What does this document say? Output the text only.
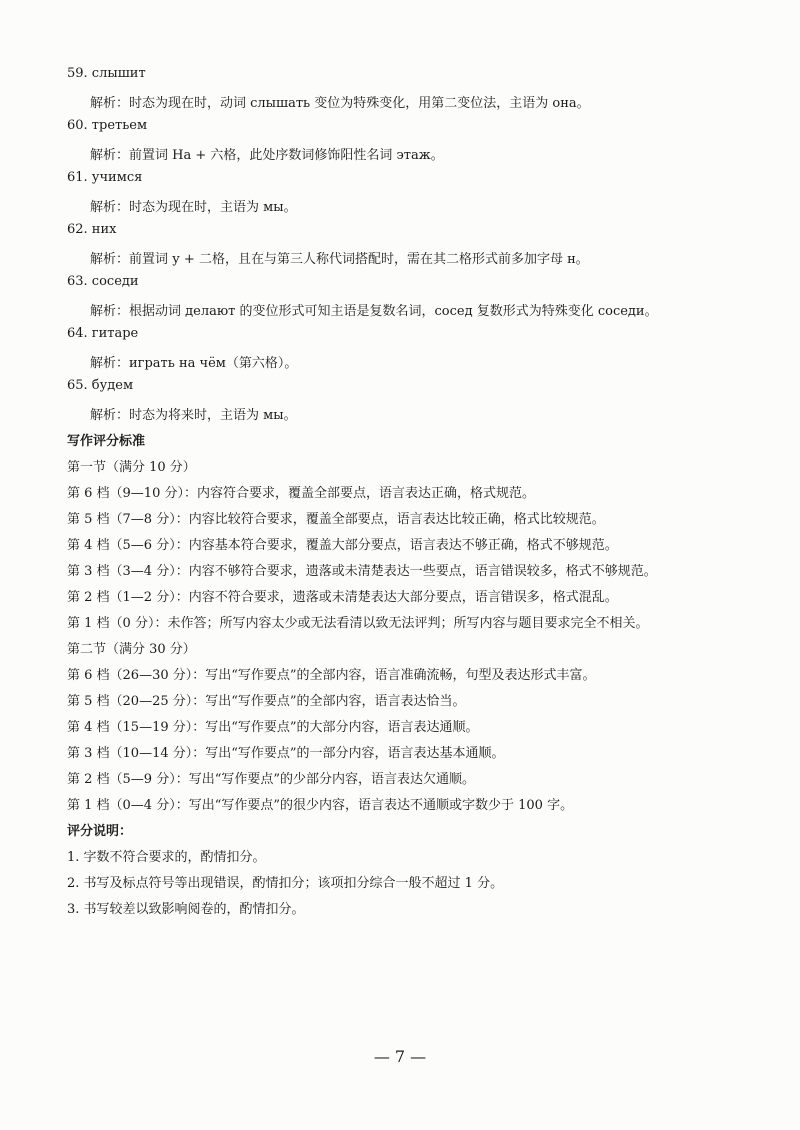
59. слышит
解析：时态为现在时，动词 слышать 变位为特殊变化，用第二变位法，主语为 она。
60. третьем
解析：前置词 На + 六格，此处序数词修饰阳性名词 этаж。
61. учимся
解析：时态为现在时，主语为 мы。
62. них
解析：前置词 у + 二格，且在与第三人称代词搭配时，需在其二格形式前多加字母 н。
63. соседи
解析：根据动词 делают 的变位形式可知主语是复数名词，сосед 复数形式为特殊变化 соседи。
64. гитаре
解析：играть на чём（第六格）。
65. будем
解析：时态为将来时，主语为 мы。
写作评分标准
第一节（满分 10 分）
第 6 档（9—10 分）：内容符合要求，覆盖全部要点，语言表达正确，格式规范。
第 5 档（7—8 分）：内容比较符合要求，覆盖全部要点，语言表达比较正确，格式比较规范。
第 4 档（5—6 分）：内容基本符合要求，覆盖大部分要点，语言表达不够正确，格式不够规范。
第 3 档（3—4 分）：内容不够符合要求，遗落或未清楚表达一些要点，语言错误较多，格式不够规范。
第 2 档（1—2 分）：内容不符合要求，遗落或未清楚表达大部分要点，语言错误多，格式混乱。
第 1 档（0 分）：未作答；所写内容太少或无法看清以致无法评判；所写内容与题目要求完全不相关。
第二节（满分 30 分）
第 6 档（26—30 分）：写出“写作要点”的全部内容，语言准确流畅，句型及表达形式丰富。
第 5 档（20—25 分）：写出“写作要点”的全部内容，语言表达恰当。
第 4 档（15—19 分）：写出“写作要点”的大部分内容，语言表达通顺。
第 3 档（10—14 分）：写出“写作要点”的一部分内容，语言表达基本通顺。
第 2 档（5—9 分）：写出“写作要点”的少部分内容，语言表达欠通顺。
第 1 档（0—4 分）：写出“写作要点”的很少内容，语言表达不通顺或字数少于 100 字。
评分说明：
1. 字数不符合要求的，酌情扣分。
2. 书写及标点符号等出现错误，酌情扣分；该项扣分综合一般不超过 1 分。
3. 书写较差以致影响阅卷的，酌情扣分。
— 7 —
